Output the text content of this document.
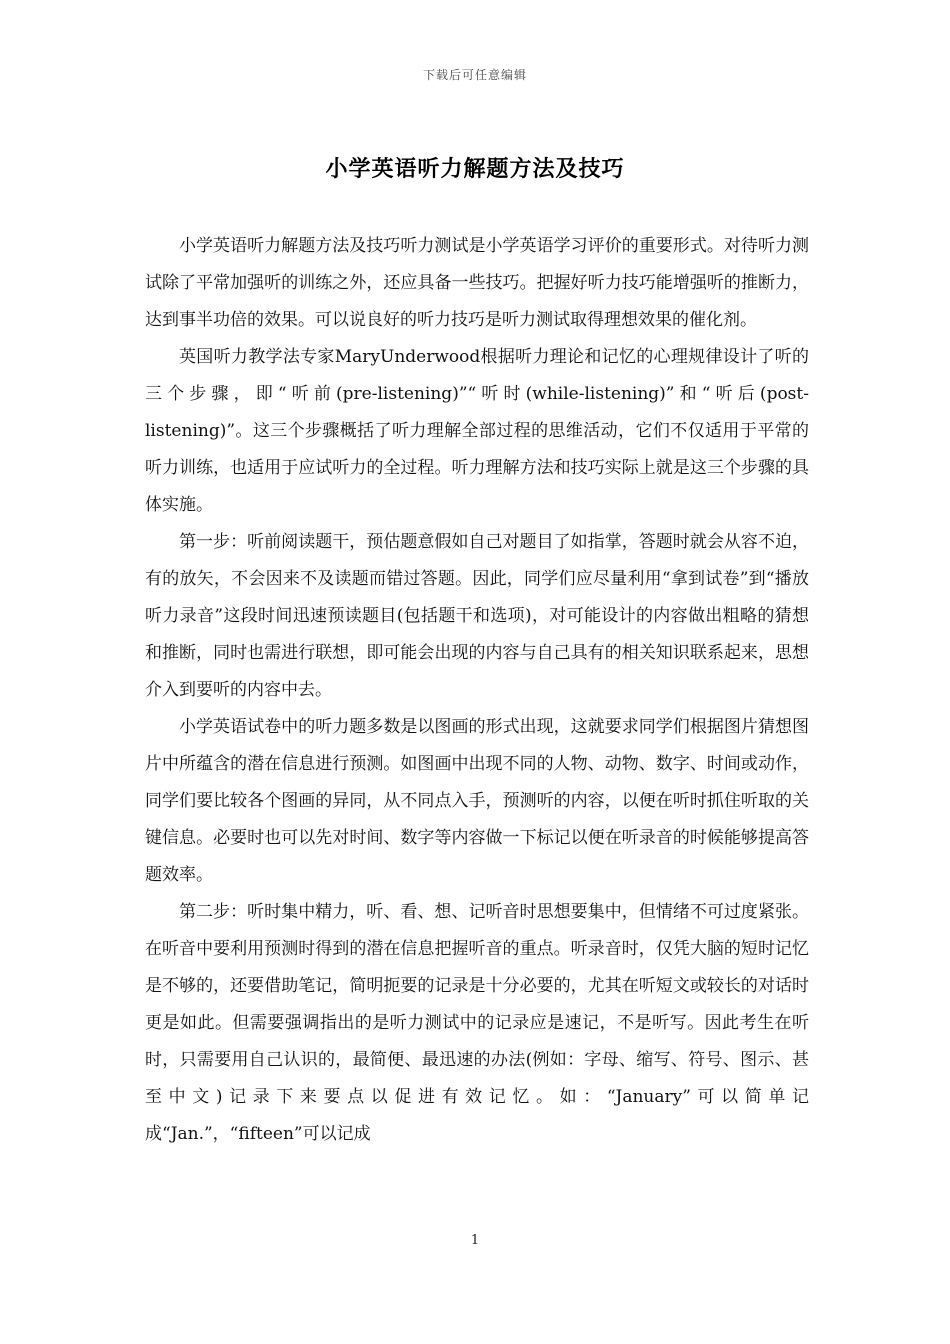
下载后可任意编辑
小学英语听力解题方法及技巧

小学英语听力解题方法及技巧听力测试是小学英语学习评价的重要形式。对待听力测试除了平常加强听的训练之外，还应具备一些技巧。把握好听力技巧能增强听的推断力，达到事半功倍的效果。可以说良好的听力技巧是听力测试取得理想效果的催化剂。

英国听力教学法专家MaryUnderwood根据听力理论和记忆的心理规律设计了听的三个步骤，即“听前(pre-listening)”“听时(while-listening)”和“听后(post-listening)”。这三个步骤概括了听力理解全部过程的思维活动，它们不仅适用于平常的听力训练，也适用于应试听力的全过程。听力理解方法和技巧实际上就是这三个步骤的具体实施。

第一步：听前阅读题干，预估题意假如自己对题目了如指掌，答题时就会从容不迫，有的放矢，不会因来不及读题而错过答题。因此，同学们应尽量利用“拿到试卷”到“播放听力录音”这段时间迅速预读题目(包括题干和选项)，对可能设计的内容做出粗略的猜想和推断，同时也需进行联想，即可能会出现的内容与自己具有的相关知识联系起来，思想介入到要听的内容中去。

小学英语试卷中的听力题多数是以图画的形式出现，这就要求同学们根据图片猜想图片中所蕴含的潜在信息进行预测。如图画中出现不同的人物、动物、数字、时间或动作，同学们要比较各个图画的异同，从不同点入手，预测听的内容，以便在听时抓住听取的关键信息。必要时也可以先对时间、数字等内容做一下标记以便在听录音的时候能够提高答题效率。

第二步：听时集中精力，听、看、想、记听音时思想要集中，但情绪不可过度紧张。在听音中要利用预测时得到的潜在信息把握听音的重点。听录音时，仅凭大脑的短时记忆是不够的，还要借助笔记，简明扼要的记录是十分必要的，尤其在听短文或较长的对话时更是如此。但需要强调指出的是听力测试中的记录应是速记，不是听写。因此考生在听时，只需要用自己认识的，最简便、最迅速的办法(例如：字母、缩写、符号、图示、甚至中文)记录下来要点以促进有效记忆。如：“January”可以简单记成“Jan.”，“fifteen”可以记成

1
